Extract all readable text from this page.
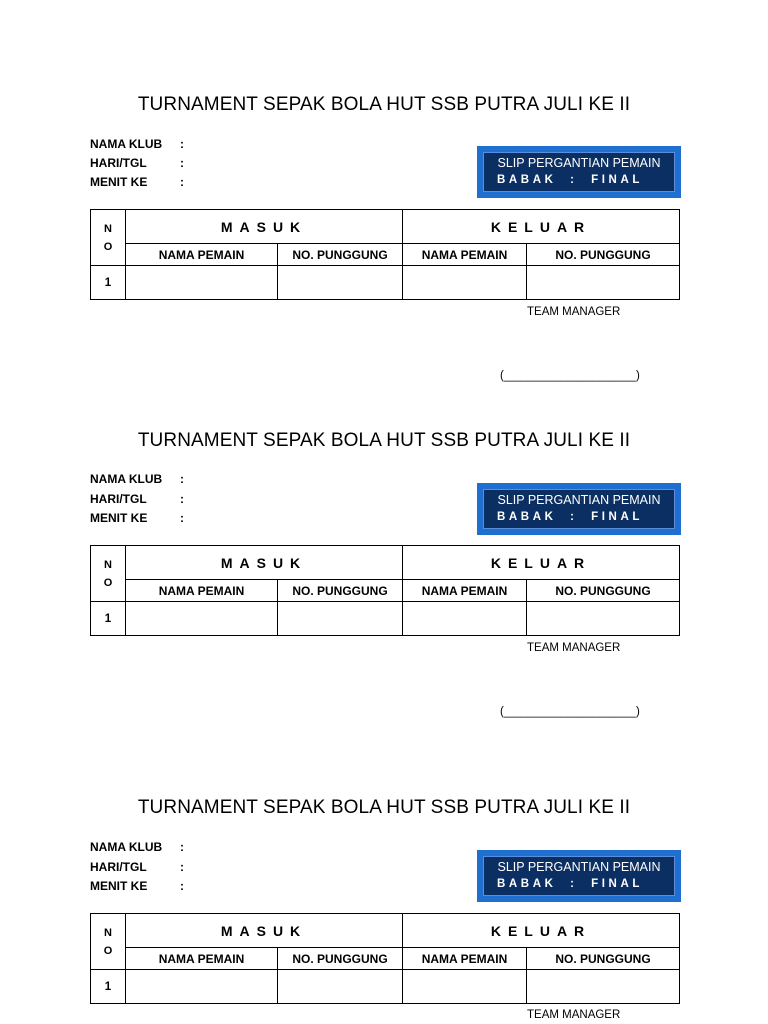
TURNAMENT SEPAK BOLA HUT SSB PUTRA JULI KE II
NAMA KLUB :
HARI/TGL	:
MENIT KE	:
SLIP PERGANTIAN PEMAIN
BABAK  :  FINAL
N
O	MASUK		KELUAR	
	NAMA PEMAIN	NO. PUNGGUNG	NAMA PEMAIN	NO. PUNGGUNG
1				
TEAM MANAGER
(____________________)
TURNAMENT SEPAK BOLA HUT SSB PUTRA JULI KE II
NAMA KLUB :
HARI/TGL	:
MENIT KE	:
SLIP PERGANTIAN PEMAIN
BABAK  :  FINAL
N
O	MASUK		KELUAR	
	NAMA PEMAIN	NO. PUNGGUNG	NAMA PEMAIN	NO. PUNGGUNG
1				
TEAM MANAGER
(____________________)
TURNAMENT SEPAK BOLA HUT SSB PUTRA JULI KE II
NAMA KLUB :
HARI/TGL	:
MENIT KE	:
SLIP PERGANTIAN PEMAIN
BABAK  :  FINAL
N
O	MASUK		KELUAR	
	NAMA PEMAIN	NO. PUNGGUNG	NAMA PEMAIN	NO. PUNGGUNG
1				
TEAM MANAGER
